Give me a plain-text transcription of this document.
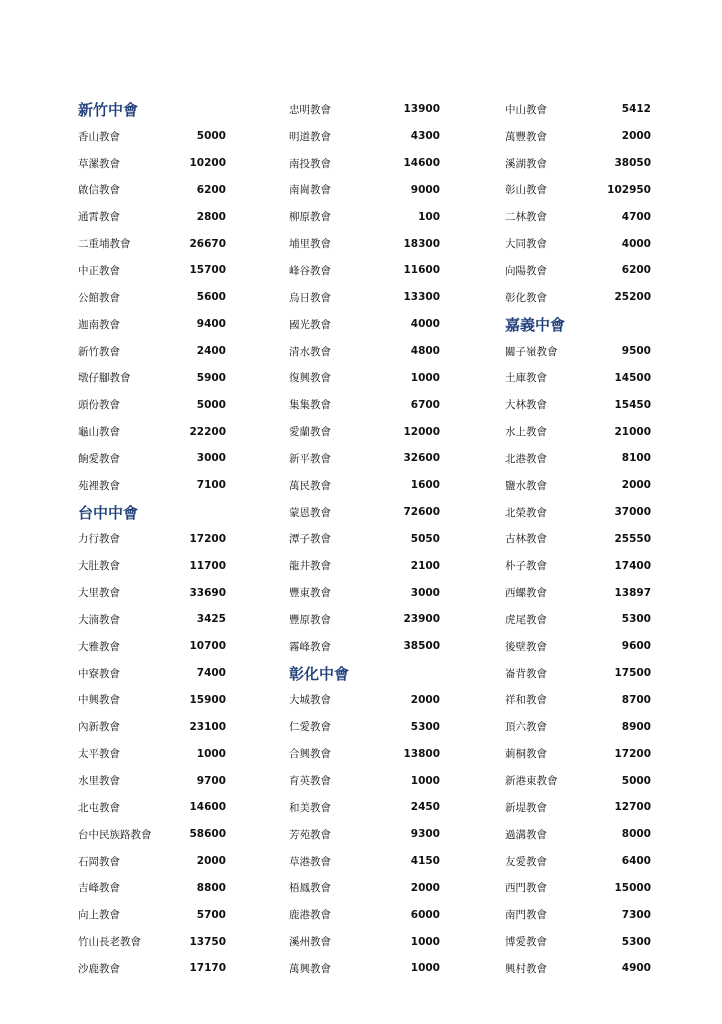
新竹中會
香山教會	5000
草漯教會	10200
啟信教會	6200
通霄教會	2800
二重埔教會	26670
中正教會	15700
公館教會	5600
迦南教會	9400
新竹教會	2400
墩仔腳教會	5900
頭份教會	5000
龜山教會	22200
餉愛教會	3000
苑裡教會	7100
台中中會
力行教會	17200
大肚教會	11700
大里教會	33690
大湳教會	3425
大雅教會	10700
中寮教會	7400
中興教會	15900
內新教會	23100
太平教會	1000
水里教會	9700
北屯教會	14600
台中民族路教會	58600
石岡教會	2000
吉峰教會	8800
向上教會	5700
竹山長老教會	13750
沙鹿教會	17170
忠明教會	13900
明道教會	4300
南投教會	14600
南崗教會	9000
柳原教會	100
埔里教會	18300
峰谷教會	11600
烏日教會	13300
國光教會	4000
清水教會	4800
復興教會	1000
集集教會	6700
愛蘭教會	12000
新平教會	32600
萬民教會	1600
蒙恩教會	72600
潭子教會	5050
龍井教會	2100
豐東教會	3000
豐原教會	23900
霧峰教會	38500
彰化中會
大城教會	2000
仁愛教會	5300
合興教會	13800
育英教會	1000
和美教會	2450
芳苑教會	9300
草港教會	4150
梧鳳教會	2000
鹿港教會	6000
溪州教會	1000
萬興教會	1000
中山教會	5412
萬豐教會	2000
溪湖教會	38050
彰山教會	102950
二林教會	4700
大同教會	4000
向陽教會	6200
彰化教會	25200
嘉義中會
關子嶺教會	9500
土庫教會	14500
大林教會	15450
水上教會	21000
北港教會	8100
鹽水教會	2000
北榮教會	37000
古林教會	25550
朴子教會	17400
西螺教會	13897
虎尾教會	5300
後壁教會	9600
崙背教會	17500
祥和教會	8700
頂六教會	8900
莿桐教會	17200
新港東教會	5000
新堤教會	12700
過溝教會	8000
友愛教會	6400
西門教會	15000
南門教會	7300
博愛教會	5300
興村教會	4900
